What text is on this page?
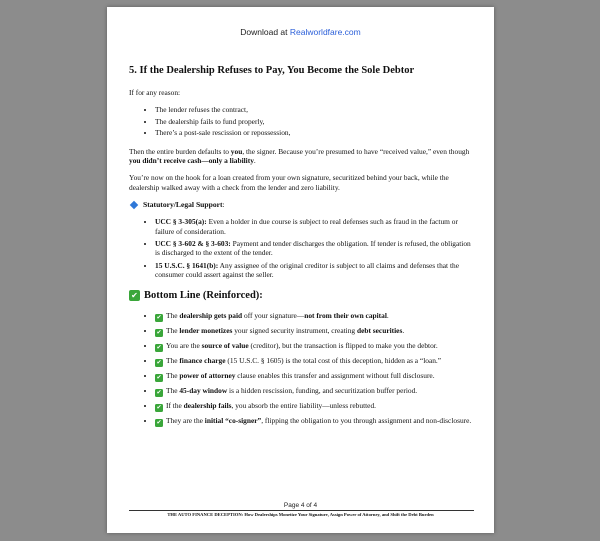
Download at Realworldfare.com
5. If the Dealership Refuses to Pay, You Become the Sole Debtor

If for any reason:

• The lender refuses the contract,
• The dealership fails to fund properly,
• There’s a post-sale rescission or repossession,

Then the entire burden defaults to you, the signer. Because you’re presumed to have “received value,” even though you didn’t receive cash—only a liability.

You’re now on the hook for a loan created from your own signature, securitized behind your back, while the dealership walked away with a check from the lender and zero liability.

Statutory/Legal Support :
• UCC § 3-305(a): Even a holder in due course is subject to real defenses such as fraud in the factum or failure of consideration.
• UCC § 3-602 & § 3-603: Payment and tender discharges the obligation. If tender is refused, the obligation is discharged to the extent of the tender.
• 15 U.S.C. § 1641(b): Any assignee of the original creditor is subject to all claims and defenses that the consumer could assert against the seller.
✔ Bottom Line (Reinforced):
• ✔ The dealership gets paid off your signature—not from their own capital.
• ✔ The lender monetizes your signed security instrument, creating debt securities.
• ✔ You are the source of value (creditor), but the transaction is flipped to make you the debtor.
• ✔ The finance charge (15 U.S.C. § 1605) is the total cost of this deception, hidden as a “loan.”
• ✔ The power of attorney clause enables this transfer and assignment without full disclosure.
• ✔ The 45-day window is a hidden rescission, funding, and securitization buffer period.
• ✔ If the dealership fails, you absorb the entire liability—unless rebutted.
• ✔ They are the initial “co-signer”, flipping the obligation to you through assignment and non-disclosure.
Page 4 of 4
THE AUTO FINANCE DECEPTION: How Dealerships Monetize Your Signature, Assign Power of Attorney, and Shift the Debt Burden
